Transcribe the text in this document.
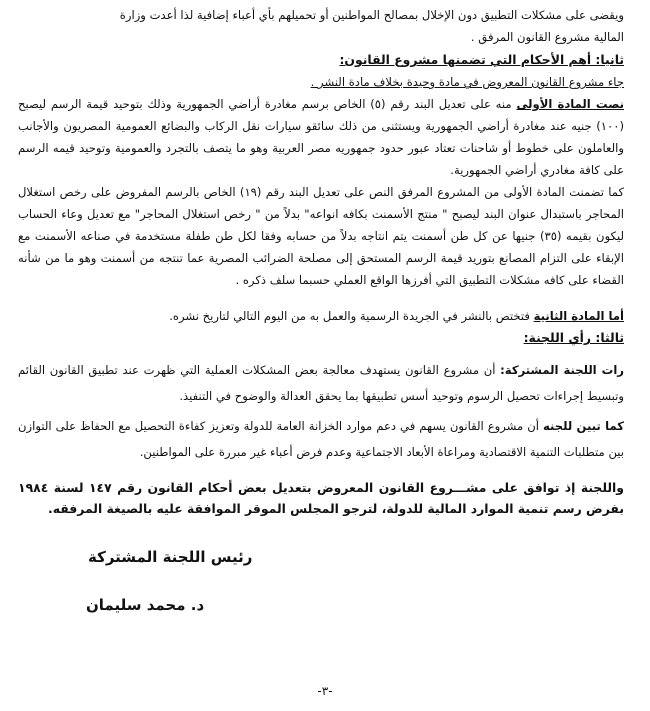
ويقضى على مشكلات التطبيق دون الإخلال بمصالح المواطنين أو تحميلهم بأي أعباء إضافية لذا أعدت وزارة

المالية مشروع القانون المرفق .

ثانيا: أهم الأحكام التي تضمنها مشروع القانون:

جاء مشروع القانون المعروض في مادة وحيدة بخلاف مادة النشر .

نصت المادة الأولى منه على تعديل البند رقم (٥) الخاص برسم مغادرة أراضي الجمهورية وذلك بتوحيد قيمة الرسم ليصبح (١٠٠) جنيه عند مغادرة أراضي الجمهورية ويستثنى من ذلك سائقو سيارات نقل الركاب والبضائع العمومية المصريون والأجانب والعاملون على خطوط أو شاحنات تعتاد عبور حدود جمهوريه مصر العربية وهو ما يتصف بالتجرد والعمومية وتوحيد قيمه الرسم على كافة مغادري أراضي الجمهورية.

كما تضمنت المادة الأولى من المشروع المرفق النص على تعديل البند رقم (١٩) الخاص بالرسم المفروض على رخص استغلال المحاجر باستبدال عنوان البند ليصبح " منتج الأسمنت بكافه انواعه" بدلاً من " رخص استغلال المحاجر" مع تعديل وعاء الحساب ليكون بقيمه (٣٥) جنيها عن كل طن أسمنت يتم انتاجه بدلاً من حسابه وفقا لكل طن طفلة مستخدمة في صناعه الأسمنت مع الإبقاء على التزام المصانع بتوريد قيمة الرسم المستحق إلى مصلحة الضرائب المصرية عما تنتجه من أسمنت وهو ما من شأنه القضاء على كافه مشكلات التطبيق التي أفرزها الواقع العملي حسبما سلف ذكره .

أما المادة الثانية فتختص بالنشر في الجريدة الرسمية والعمل به من اليوم التالي لتاريخ نشره.

ثالثا: رأي اللجنة:

رات اللجنة المشتركة: أن مشروع القانون يستهدف معالجة بعض المشكلات العملية التي ظهرت عند تطبيق القانون القائم وتبسيط إجراءات تحصيل الرسوم وتوحيد أسس تطبيقها بما يحقق العدالة والوضوح في التنفيذ.

كما تبين للجنه أن مشروع القانون يسهم في دعم موارد الخزانة العامة للدولة وتعزيز كفاءة التحصيل مع الحفاظ على التوازن بين متطلبات التنمية الاقتصادية ومراعاة الأبعاد الاجتماعية وعدم فرض أعباء غير مبررة على المواطنين.

واللجنة إذ توافق على مشـــروع القانون المعروض بتعديل بعض أحكام القانون رقم ١٤٧ لسنة ١٩٨٤ بفرض رسم تنمية الموارد المالية للدولة، لترجو المجلس الموقر الموافقة عليه بالصيغة المرفقه.

رئيس اللجنة المشتركة

د. محمد سليمان

-٣-
